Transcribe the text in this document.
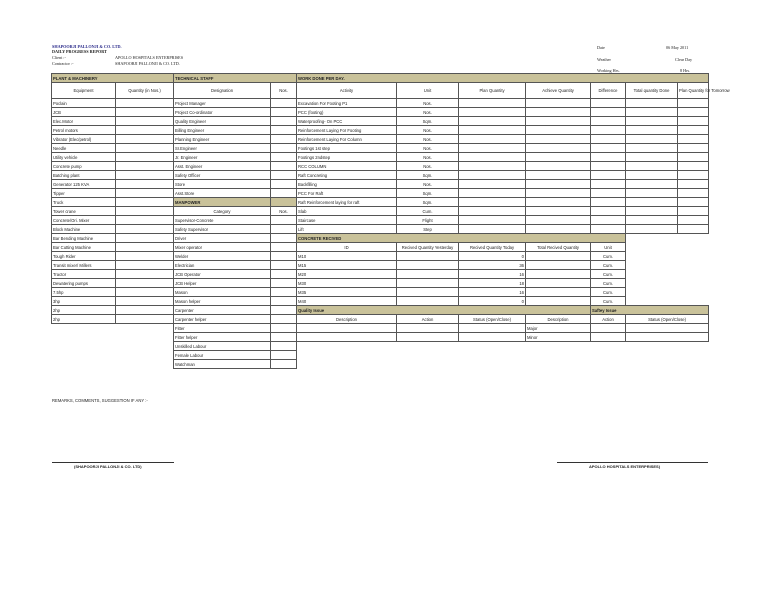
SHAPOORJI PALLONJI & CO. LTD.
DAILY PROGRESS REPORT
Client :-	APOLLO HOSPITALS ENTERPRISES
Contractor :-	SHAPOORJI PALLONJI & CO. LTD.
Date	06 May 2011
Weather	Clear Day
Working Hrs.	8 Hrs.
PLANT & MACHINERY		TECHNICAL STAFF		WORK DONE PER DAY.						
Equipment	Quantity (in Nos.)	Designation	Nos.	Activity	Unit	Plan Quantity	Achieve Quantity	Difference	Total quantity Done	Plan Quantity for Tomorrow
Poclain		Project Manager		Excavation For Footing P1	Nos.					
JCB		Project Co-ordinator		PCC (footing)	Nos.					
Elec.Motor		Quality Engineer		Waterproofing- On PCC	Sqm.					
Petrol motors		Billing Engineer		Reinforcement Laying For Footing	Nos.					
Vibrator (Elec/petrol)		Planning Engineer		Reinforcement Laying For Column	Nos.					
Needle		Sr.Engineer		Footings 1st step	Nos.					
Utility vehicle		Jr. Engineer		Footings 2ndstep	Nos.					
Concrete pump		Asst. Engineer		RCC COLUMN	Nos.					
Batching plant		Safety Officer		Raft Concreting	Sqm.					
Generator 125 KVA		Store		Backfilling	Nos.					
Tipper		Asst.Store		PCC For Raft	Sqm.					
Truck		MANPOWER		Raft Reinforcement laying for raft	Sqm.					
Tower crane		Category	Nos.	Slab	Cum.					
Concrete/Ori. Mixer		Supervisor-Concrete		Staircase	Flight					
Block Machine		Safety Supervisor		Lift	Step					
Bar Bending Machine		Driver		CONCRETE RECIVED						
Bar Cutting Machine		Mixer operator		ID	Recived Quantity Yesterday	Recived Quantity Today	Total Recived Quantity	Unit		
Tough Rider		Welder		M10		0		Cum.		
Transit mixer/ Millers		Electrician		M15		36		Cum.		
Tractor		JCB Operator		M20		16		Cum.		
Dewatering pumps		JCB Helper		M30		18		Cum.		
7.5hp		Mason		M35		16		Cum.		
3hp		Mason helper		M40		0		Cum.		
2hp		Carpenter		Quality Issue				Saftey Issue		
2hp		Carpenter helper		Description	Action	Status (Open/Close)	Description	Action	Status (Open/Close)	
		Fitter					Major			
		Fitter helper					Minor			
		Unskilled Labour								
		Female Labour								
		Watchman								
REMARKS, COMMENTS, SUGGESTION IF ANY :-
(SHAPOORJI PALLONJI & CO. LTD)	APOLLO HOSPITALS ENTERPRISES)
